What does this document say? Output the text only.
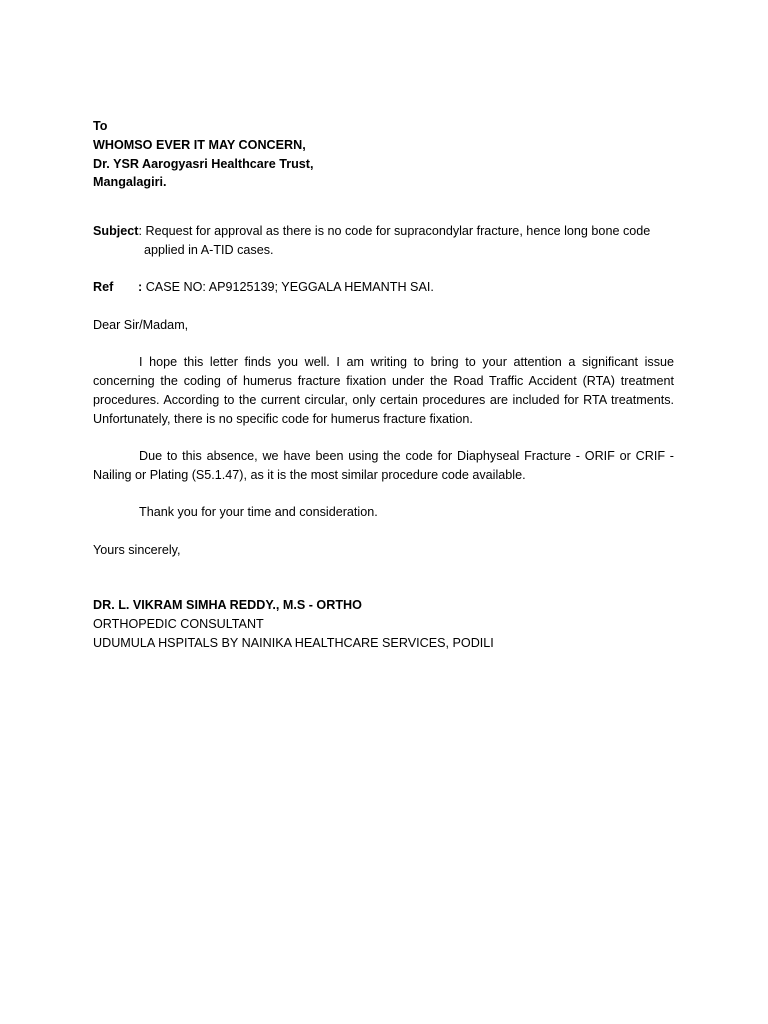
To
WHOMSO EVER IT MAY CONCERN,
Dr. YSR Aarogyasri Healthcare Trust,
Mangalagiri.
Subject: Request for approval as there is no code for supracondylar fracture, hence long bone code
applied in A-TID cases.
Ref : CASE NO: AP9125139; YEGGALA HEMANTH SAI.
Dear Sir/Madam,
I hope this letter finds you well. I am writing to bring to your attention a significant issue concerning the coding of humerus fracture fixation under the Road Traffic Accident (RTA) treatment procedures. According to the current circular, only certain procedures are included for RTA treatments. Unfortunately, there is no specific code for humerus fracture fixation.
Due to this absence, we have been using the code for Diaphyseal Fracture - ORIF or CRIF - Nailing or Plating (S5.1.47), as it is the most similar procedure code available.
Thank you for your time and consideration.
Yours sincerely,
DR. L. VIKRAM SIMHA REDDY., M.S - ORTHO
ORTHOPEDIC CONSULTANT
UDUMULA HSPITALS BY NAINIKA HEALTHCARE SERVICES, PODILI
